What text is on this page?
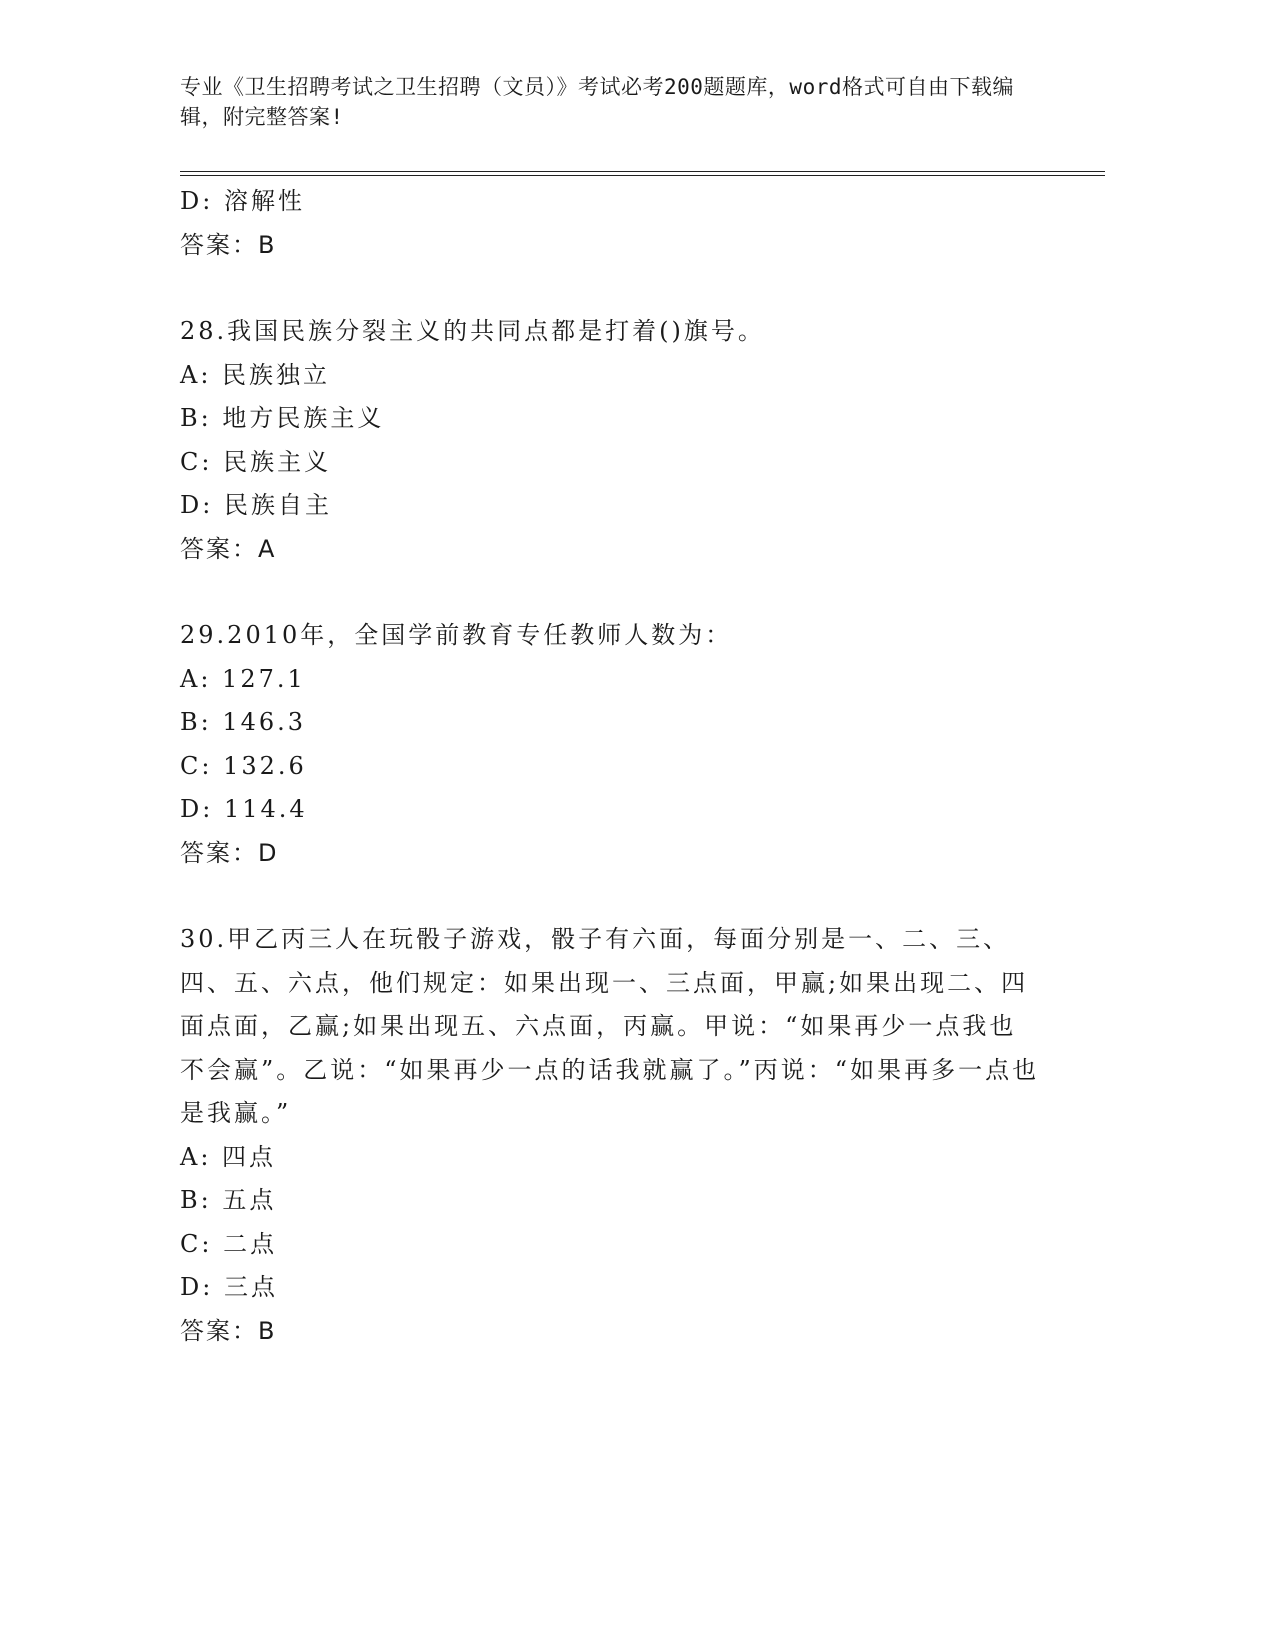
专业《卫生招聘考试之卫生招聘（文员）》考试必考200题题库，word格式可自由下载编辑，附完整答案!
D: 溶解性
答案：B
28.我国民族分裂主义的共同点都是打着()旗号。
A: 民族独立
B: 地方民族主义
C: 民族主义
D: 民族自主
答案：A
29.2010年，全国学前教育专任教师人数为：
A: 127.1
B: 146.3
C: 132.6
D: 114.4
答案：D
30.甲乙丙三人在玩骰子游戏，骰子有六面，每面分别是一、二、三、四、五、六点，他们规定：如果出现一、三点面，甲赢;如果出现二、四面点面，乙赢;如果出现五、六点面，丙赢。甲说：“如果再少一点我也不会赢”。乙说：“如果再少一点的话我就赢了。”丙说：“如果再多一点也是我赢。”
A: 四点
B: 五点
C: 二点
D: 三点
答案：B
